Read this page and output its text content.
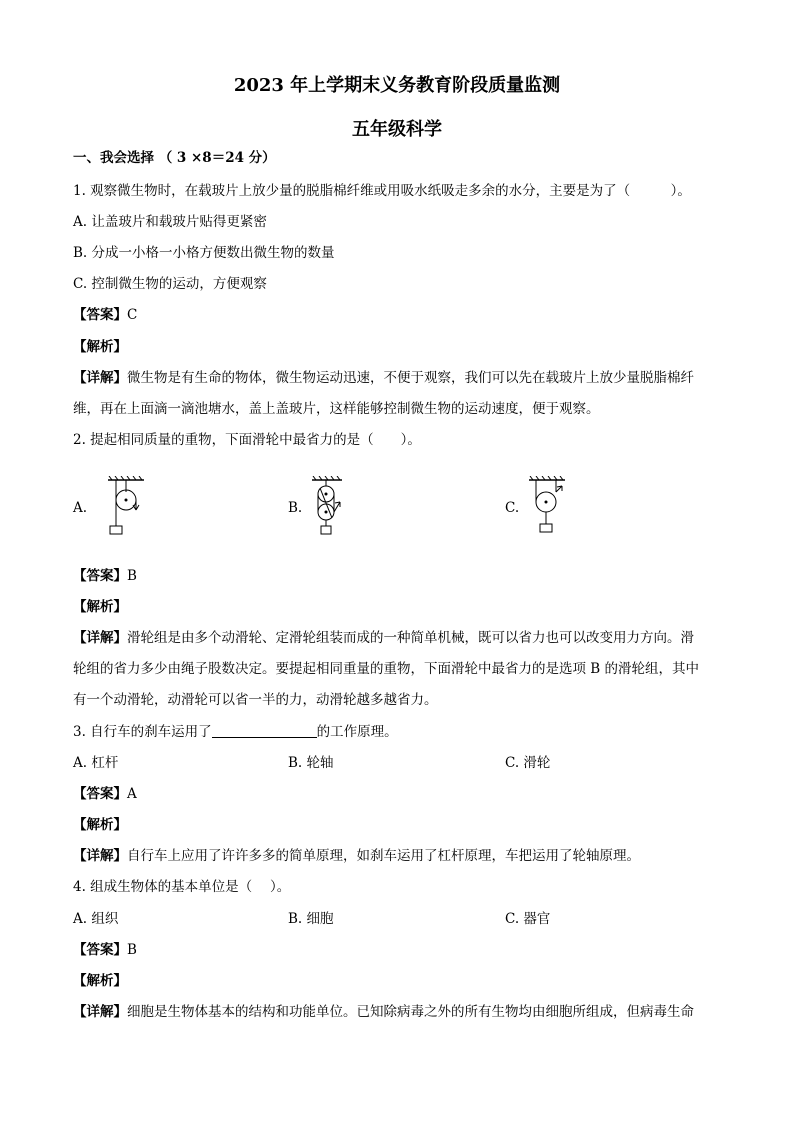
2023 年上学期末义务教育阶段质量监测
五年级科学
一、我会选择 （ 3 ×8＝24 分）
1. 观察微生物时，在载玻片上放少量的脱脂棉纤维或用吸水纸吸走多余的水分，主要是为了（　　　）。
A. 让盖玻片和载玻片贴得更紧密
B. 分成一小格一小格方便数出微生物的数量
C. 控制微生物的运动，方便观察
【答案】C
【解析】
【详解】微生物是有生命的物体，微生物运动迅速，不便于观察，我们可以先在载玻片上放少量脱脂棉纤
维，再在上面滴一滴池塘水，盖上盖玻片，这样能够控制微生物的运动速度，便于观察。
2. 提起相同质量的重物，下面滑轮中最省力的是（　　）。
A.	B.	C.
【答案】B
【解析】
【详解】滑轮组是由多个动滑轮、定滑轮组装而成的一种简单机械，既可以省力也可以改变用力方向。滑
轮组的省力多少由绳子股数决定。要提起相同重量的重物，下面滑轮中最省力的是选项 B 的滑轮组，其中
有一个动滑轮，动滑轮可以省一半的力，动滑轮越多越省力。
3. 自行车的刹车运用了	的工作原理。
A. 杠杆	B. 轮轴	C. 滑轮
【答案】A
【解析】
【详解】自行车上应用了许许多多的简单原理，如刹车运用了杠杆原理，车把运用了轮轴原理。
4. 组成生物体的基本单位是（　 ）。
A. 组织	B. 细胞	C. 器官
【答案】B
【解析】
【详解】细胞是生物体基本的结构和功能单位。已知除病毒之外的所有生物均由细胞所组成，但病毒生命
